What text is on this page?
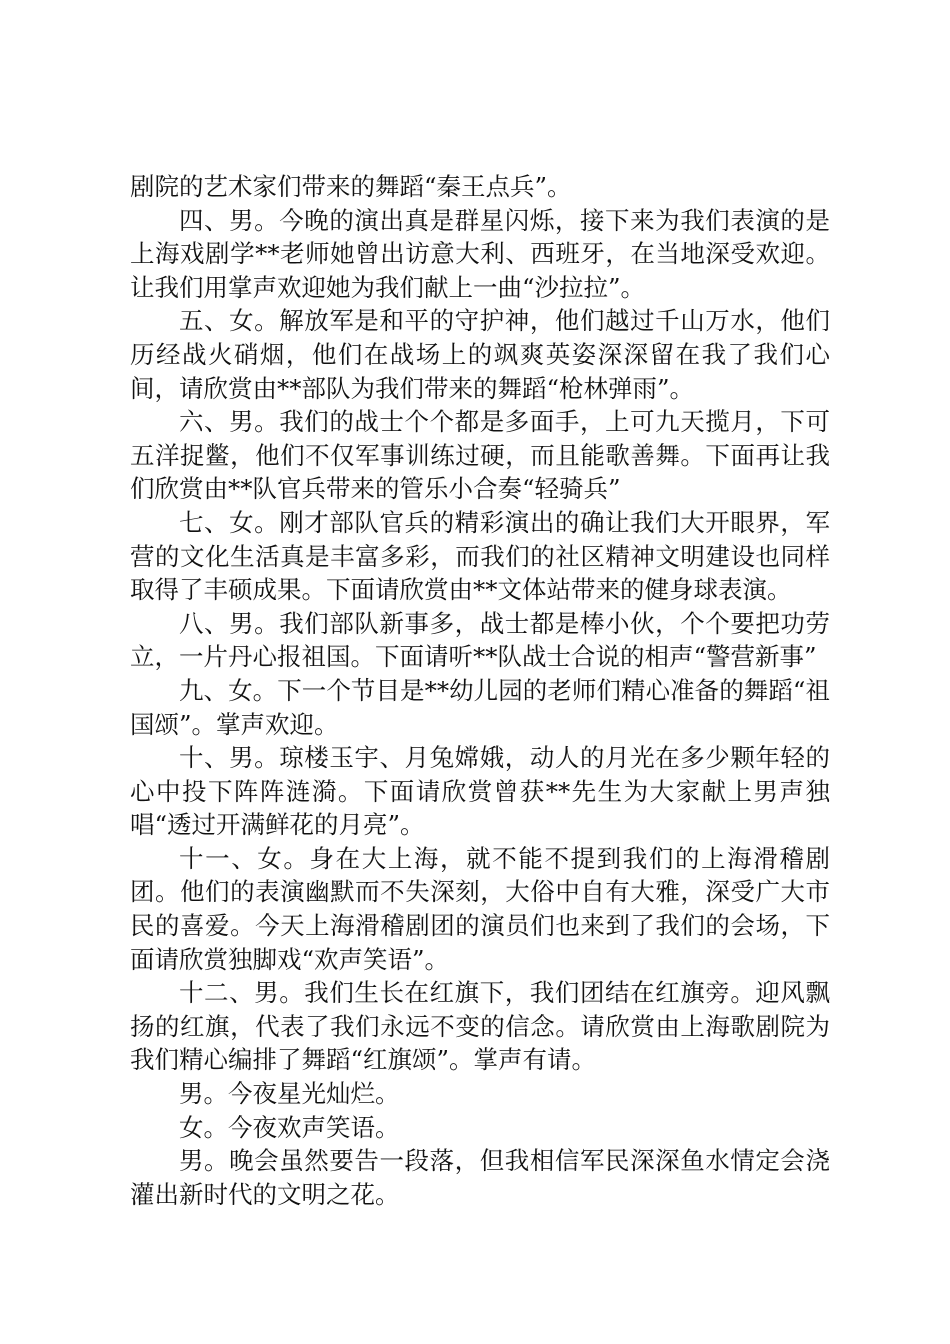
剧院的艺术家们带来的舞蹈“秦王点兵”。

四、男。今晚的演出真是群星闪烁，接下来为我们表演的是上海戏剧学**老师她曾出访意大利、西班牙，在当地深受欢迎。让我们用掌声欢迎她为我们献上一曲“沙拉拉”。

五、女。解放军是和平的守护神，他们越过千山万水，他们历经战火硝烟，他们在战场上的飒爽英姿深深留在我了我们心间，请欣赏由**部队为我们带来的舞蹈“枪林弹雨”。

六、男。我们的战士个个都是多面手，上可九天揽月，下可五洋捉鳖，他们不仅军事训练过硬，而且能歌善舞。下面再让我们欣赏由**队官兵带来的管乐小合奏“轻骑兵”

七、女。刚才部队官兵的精彩演出的确让我们大开眼界，军营的文化生活真是丰富多彩，而我们的社区精神文明建设也同样取得了丰硕成果。下面请欣赏由**文体站带来的健身球表演。

八、男。我们部队新事多，战士都是棒小伙，个个要把功劳立，一片丹心报祖国。下面请听**队战士合说的相声“警营新事”

九、女。下一个节目是**幼儿园的老师们精心准备的舞蹈“祖国颂”。掌声欢迎。

十、男。琼楼玉宇、月兔嫦娥，动人的月光在多少颗年轻的心中投下阵阵涟漪。下面请欣赏曾获**先生为大家献上男声独唱“透过开满鲜花的月亮”。

十一、女。身在大上海，就不能不提到我们的上海滑稽剧团。他们的表演幽默而不失深刻，大俗中自有大雅，深受广大市民的喜爱。今天上海滑稽剧团的演员们也来到了我们的会场，下面请欣赏独脚戏“欢声笑语”。

十二、男。我们生长在红旗下，我们团结在红旗旁。迎风飘扬的红旗，代表了我们永远不变的信念。请欣赏由上海歌剧院为我们精心编排了舞蹈“红旗颂”。掌声有请。

男。今夜星光灿烂。

女。今夜欢声笑语。

男。晚会虽然要告一段落，但我相信军民深深鱼水情定会浇灌出新时代的文明之花。
